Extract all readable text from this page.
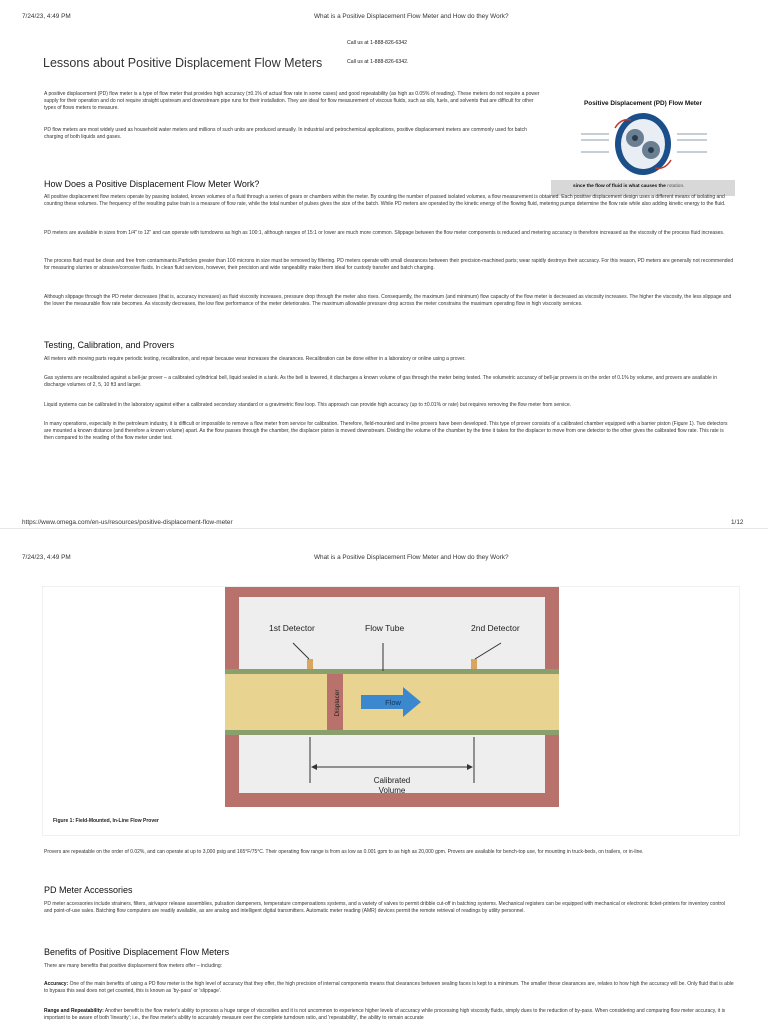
7/24/23, 4:49 PM	What is a Positive Displacement Flow Meter and How do they Work?
Call us at 1-888-826-6342
Call us at 1-888-826-6342.
Lessons about Positive Displacement Flow Meters
A positive displacement (PD) flow meter is a type of flow meter that provides high accuracy (±0.1% of actual flow rate in some cases) and good repeatability (as high as 0.05% of reading). These meters do not require a power supply for their operation and do not require straight upstream and downstream pipe runs for their installation. They are ideal for flow measurement of viscous fluids, such as oils, fuels, and solvents that are difficult for other types of flows meters to measure.
PD flow meters are most widely used as household water meters and millions of such units are produced annually. In industrial and petrochemical applications, positive displacement meters are commonly used for batch charging of both liquids and gases.
Positive Displacement (PD) Flow Meter
since the flow of fluid is what causes the rotation.
How Does a Positive Displacement Flow Meter Work?
All positive displacement flow meters operate by passing isolated, known volumes of a fluid through a series of gears or chambers within the meter. By counting the number of passed isolated volumes, a flow measurement is obtained. Each positive displacement design uses a different means of isolating and counting these volumes. The frequency of the resulting pulse train is a measure of flow rate, while the total number of pulses gives the size of the batch. While PD meters are operated by the kinetic energy of the flowing fluid, metering pumps determine the flow rate while also adding kinetic energy to the fluid.
PD meters are available in sizes from 1/4" to 12" and can operate with turndowns as high as 100:1, although ranges of 15:1 or lower are much more common. Slippage between the flow meter components is reduced and metering accuracy is therefore increased as the viscosity of the process fluid increases.
The process fluid must be clean and free from contaminants.Particles greater than 100 microns in size must be removed by filtering. PD meters operate with small clearances between their precision-machined parts; wear rapidly destroys their accuracy. For this reason, PD meters are generally not recommended for measuring slurries or abrasive/corrosive fluids. In clean fluid services, however, their precision and wide rangeability make them ideal for custody transfer and batch charging.
Although slippage through the PD meter decreases (that is, accuracy increases) as fluid viscosity increases, pressure drop through the meter also rises. Consequently, the maximum (and minimum) flow capacity of the flow meter is decreased as viscosity increases. The higher the viscosity, the less slippage and the lower the measurable flow rate becomes. As viscosity decreases, the low flow performance of the meter deteriorates. The maximum allowable pressure drop across the meter constrains the maximum operating flow in high viscosity services.
Testing, Calibration, and Provers
All meters with moving parts require periodic testing, recalibration, and repair because wear increases the clearances. Recalibration can be done either in a laboratory or online using a prover.
Gas systems are recalibrated against a bell-jar prover – a calibrated cylindrical bell, liquid sealed in a tank. As the bell is lowered, it discharges a known volume of gas through the meter being tested. The volumetric accuracy of bell-jar provers is on the order of 0.1% by volume, and provers are available in discharge volumes of 2, 5, 10 ft3 and larger.
Liquid systems can be calibrated in the laboratory against either a calibrated secondary standard or a gravimetric flow loop. This approach can provide high accuracy (up to ±0.01% or rate) but requires removing the flow meter from service.
In many operations, especially in the petroleum industry, it is difficult or impossible to remove a flow meter from service for calibration. Therefore, field-mounted and in-line provers have been developed. This type of prover consists of a calibrated chamber equipped with a barrier piston (Figure 1). Two detectors are mounted a known distance (and therefore a known volume) apart. As the flow passes through the chamber, the displacer piston is moved downstream. Dividing the volume of the chamber by the time it takes for the displacer to move from one detector to the other gives the calibrated flow rate. This rate is then compared to the reading of the flow meter under test.
https://www.omega.com/en-us/resources/positive-displacement-flow-meter	1/12
7/24/23, 4:49 PM	What is a Positive Displacement Flow Meter and How do they Work?
1st Detector	Flow Tube	2nd Detector
Displacer	Flow
Calibrated
Volume
Figure 1: Field-Mounted, In-Line Flow Prover
Provers are repeatable on the order of 0.02%, and can operate at up to 3,000 psig and 165°F/75°C. Their operating flow range is from as low as 0.001 gpm to as high as 20,000 gpm. Provers are available for bench-top use, for mounting in truck-beds, on trailers, or in-line.
PD Meter Accessories
PD meter accessories include strainers, filters, air/vapor release assemblies, pulsation dampeners, temperature compensations systems, and a variety of valves to permit dribble cut-off in batching systems. Mechanical registers can be equipped with mechanical or electronic ticket-printers for inventory control and point-of-use sales. Batching flow computers are readily available, as are analog and intelligent digital transmitters. Automatic meter reading (AMR) devices permit the remote retrieval of readings by utility personnel.
Benefits of Positive Displacement Flow Meters
There are many benefits that positive displacement flow meters offer – including:
Accuracy: One of the main benefits of using a PD flow meter is the high level of accuracy that they offer, the high precision of internal components means that clearances between sealing faces is kept to a minimum. The smaller these clearances are, relates to how high the accuracy will be. Only fluid that is able to bypass this seal does not get counted, this is known as 'by-pass' or 'slippage'.
Range and Repeatability: Another benefit is the flow meter's ability to process a huge range of viscosities and it is not uncommon to experience higher levels of accuracy while processing high viscosity fluids, simply dues to the reduction of by-pass. When considering and comparing flow meter accuracy, it is important to be aware of both 'linearity'; i.e., the flow meter's ability to accurately measure over the complete turndown ratio, and 'repeatability', the ability to remain accurate
